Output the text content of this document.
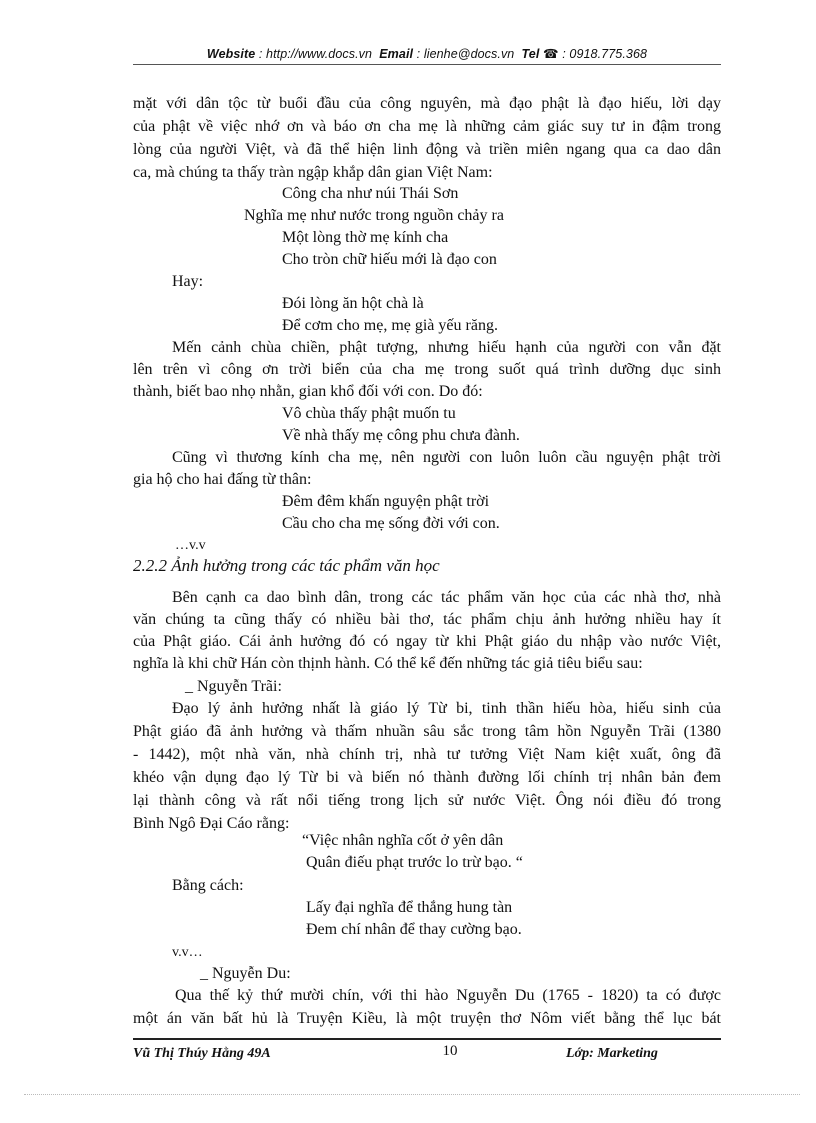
Website : http://www.docs.vn Email : lienhe@docs.vn Tel ☎ : 0918.775.368
mặt với dân tộc từ buổi đầu của công nguyên, mà đạo phật là đạo hiếu, lời dạy
của phật về việc nhớ ơn và báo ơn cha mẹ là những cảm giác suy tư in đậm trong
lòng của người Việt, và đã thể hiện linh động và triền miên ngang qua ca dao dân
ca, mà chúng ta thấy tràn ngập khắp dân gian Việt Nam:
Công cha như núi Thái Sơn
Nghĩa mẹ như nước trong nguồn chảy ra
Một lòng thờ mẹ kính cha
Cho tròn chữ hiếu mới là đạo con
Hay:
Đói lòng ăn hột chà là
Để cơm cho mẹ, mẹ già yếu răng.
Mến cảnh chùa chiền, phật tượng, nhưng hiếu hạnh của người con vẫn đặt
lên trên vì công ơn trời biển của cha mẹ trong suốt quá trình dưỡng dục sinh
thành, biết bao nhọ nhằn, gian khổ đối với con. Do đó:
Vô chùa thấy phật muốn tu
Về nhà thấy mẹ công phu chưa đành.
Cũng vì thương kính cha mẹ, nên người con luôn luôn cầu nguyện phật trời
gia hộ cho hai đấng từ thân:
Đêm đêm khấn nguyện phật trời
Cầu cho cha mẹ sống đời với con.
…v.v
2.2.2 Ảnh hưởng trong các tác phẩm văn học
Bên cạnh ca dao bình dân, trong các tác phẩm văn học của các nhà thơ, nhà
văn chúng ta cũng thấy có nhiều bài thơ, tác phẩm chịu ảnh hưởng nhiều hay ít
của Phật giáo. Cái ảnh hưởng đó có ngay từ khi Phật giáo du nhập vào nước Việt,
nghĩa là khi chữ Hán còn thịnh hành. Có thể kể đến những tác giả tiêu biểu sau:
_ Nguyễn Trãi:
Đạo lý ảnh hưởng nhất là giáo lý Từ bi, tinh thần hiếu hòa, hiếu sinh của
Phật giáo đã ảnh hưởng và thấm nhuần sâu sắc trong tâm hồn Nguyễn Trãi (1380
- 1442), một nhà văn, nhà chính trị, nhà tư tưởng Việt Nam kiệt xuất, ông đã
khéo vận dụng đạo lý Từ bi và biến nó thành đường lối chính trị nhân bản đem
lại thành công và rất nổi tiếng trong lịch sử nước Việt. Ông nói điều đó trong
Bình Ngô Đại Cáo rằng:
“Việc nhân nghĩa cốt ở yên dân
Quân điếu phạt trước lo trừ bạo. “
Bằng cách:
Lấy đại nghĩa để thắng hung tàn
Đem chí nhân để thay cường bạo.
v.v…
_ Nguyễn Du:
Qua thế kỷ thứ mười chín, với thi hào Nguyễn Du (1765 - 1820) ta có được
một án văn bất hủ là Truyện Kiều, là một truyện thơ Nôm viết bằng thể lục bát
Vũ Thị Thúy Hằng 49A	10	Lớp: Marketing
